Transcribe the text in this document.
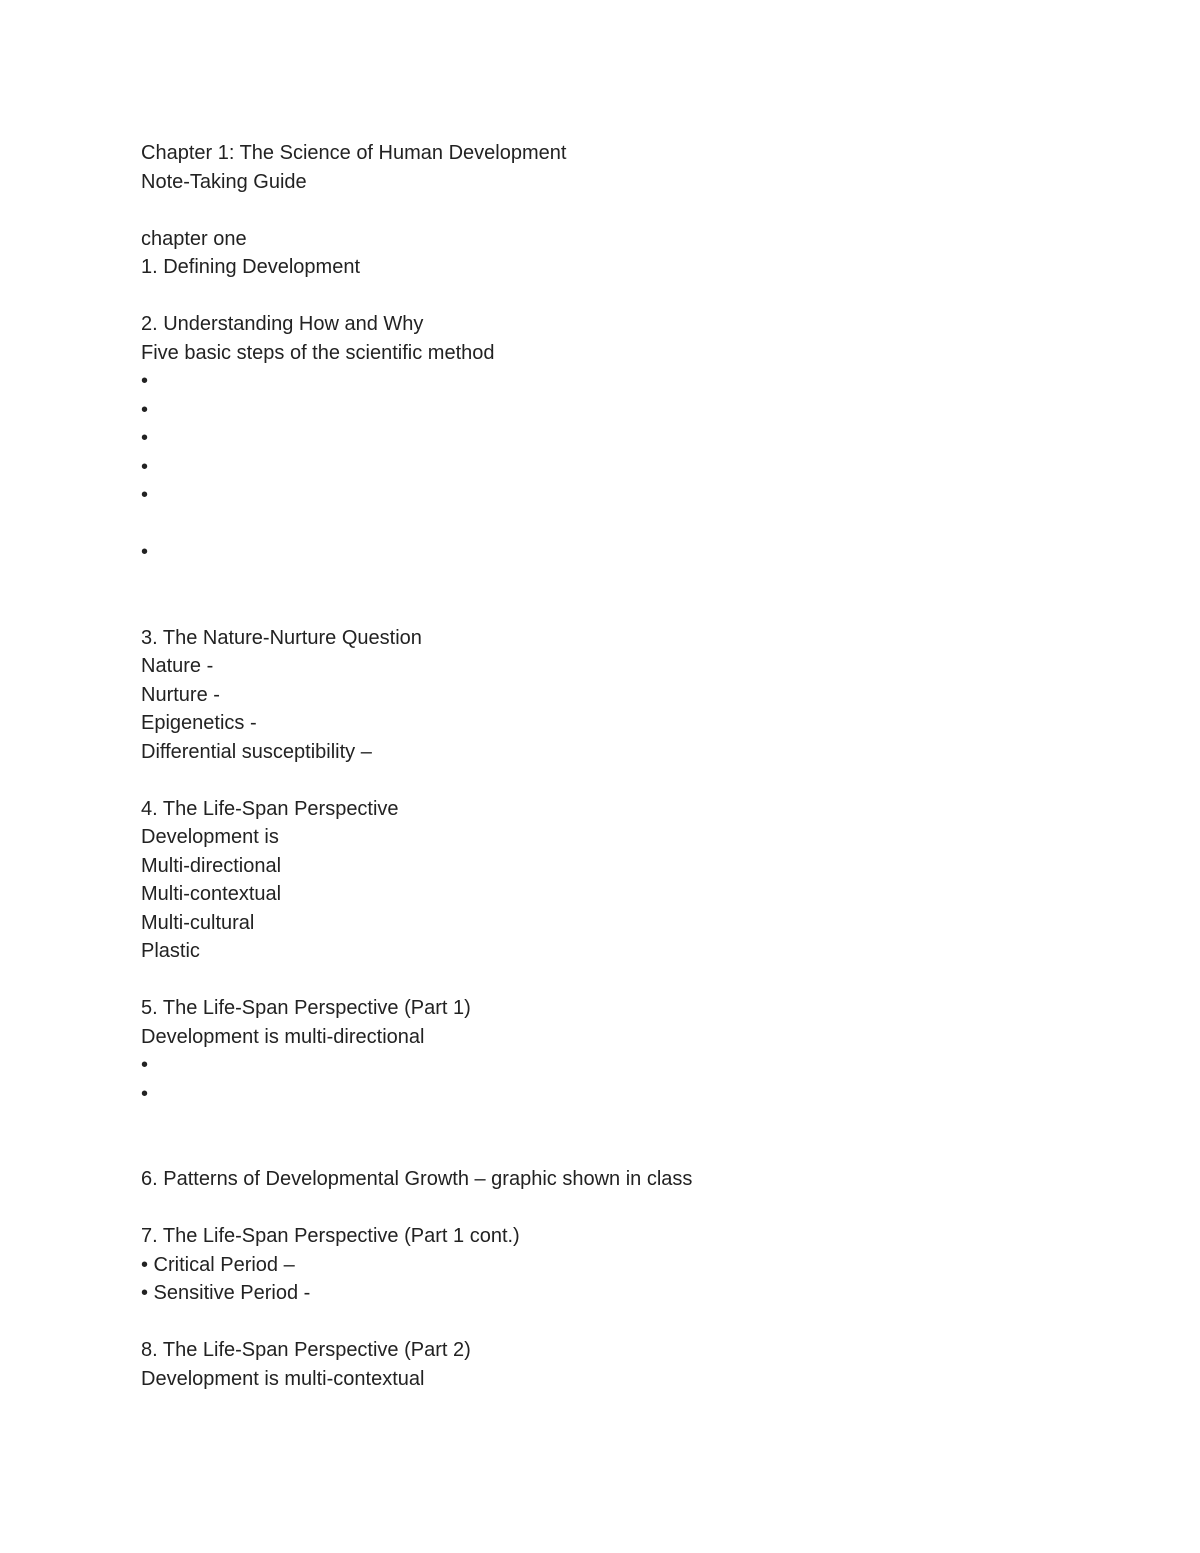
Chapter 1: The Science of Human Development
Note-Taking Guide
chapter one
1. Defining Development
2. Understanding How and Why
Five basic steps of the scientific method
•
•
•
•
•
•
3. The Nature-Nurture Question
Nature -
Nurture -
Epigenetics -
Differential susceptibility –
4. The Life-Span Perspective
Development is
Multi-directional
Multi-contextual
Multi-cultural
Plastic
5. The Life-Span Perspective (Part 1)
Development is multi-directional
•
•
6. Patterns of Developmental Growth – graphic shown in class
7. The Life-Span Perspective (Part 1 cont.)
• Critical Period –
• Sensitive Period -
8. The Life-Span Perspective (Part 2)
Development is multi-contextual
